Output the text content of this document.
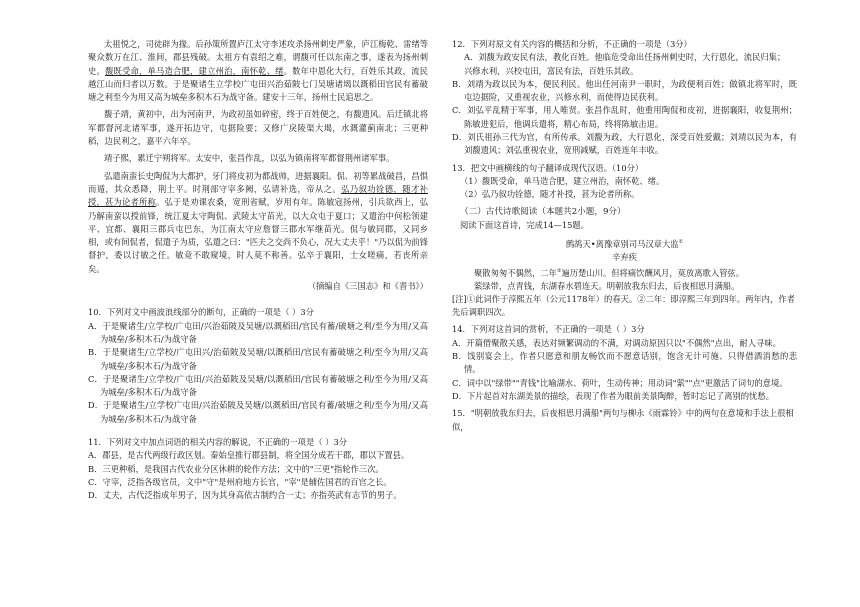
太祖悦之，司徒辟为掾。后孙策所置庐江太守李述攻杀扬州刺史严象，庐江梅乾、雷绪等聚众数万在江、淮间，郡县残破。太祖方有袁绍之难，谓馥可任以东南之事，遂表为扬州刺史。馥既受命，单马造合肥，建立州治，南怀乾、绪。数年中恩化大行，百姓乐其政，流民越江山而归者以万数。于是聚诸生立学校广屯田兴治茹陂七门吴塘诸堨以溉稻田官民有蓄破塘之利至今为用又高为城垒多积木石为战守备。建安十三年，扬州士民追思之。

馥子靖，黄初中，出为河南尹，为政初虽如碎密，终于百姓便之，有馥遗风。后迁镇北将军都督河北诸军事，遂开拓边守，屯据险要；又修广戾陵渠大堨，水溉灌蓟南北；三更种稻，边民利之，嘉平六年卒。

靖子熙，累迁宁朔将军。太安中，张昌作乱，以弘为镇南将军都督荆州诸军事。

弘遣南蛮长史陶侃为大都护，牙门将皮初为都战帅，进据襄阳。侃、初等累战破昌，昌惧而遁，其众悉降，荆土平。时荆部守宰多阙，弘请补选，帝从之。弘乃叙功铨德，随才补授，甚为论者所称。弘于是劝课农桑，宽刑省赋，岁用有年。陈敏寇扬州，引兵欲西上，弘乃解南蛮以授前锋，统江夏太守陶侃、武陵太守苗光，以大众屯于夏口；又遣治中何松领建平、宜都、襄阳三郡兵屯巴东，为江南太守应詹督三郡水军继苗光。侃与敏同郡，又同乡相，或有间侃者，侃遣子为质，弘遣之曰："匹夫之交尚不负心，况大丈夫乎！"乃以侃为前锋督护，委以讨敏之任。敏竟不敢窥境，时人莫不称善。弘卒于襄阳，士女嗟痛，若丧所亲矣。

（摘编自《三国志》和《晋书》）

10．下列对文中画波浪线部分的断句，正确的一项是（ ）3分

A．于是聚诸生/立学校/广屯田/兴治茹陂及吴塘/以溉稻田/官民有蓄/破塘之利/至今为用/又高为城垒/多积木石/为战守备

B．于是聚诸生/立学校/广屯田兴/治茹陂及吴塘/以溉稻田/官民有蓄破塘之利/至今为用/又高为城垒/多积木石/为战守备

C．于是聚诸生/立学校/广屯田/兴治茹陂及吴塘/以溉稻田/官民有蓄破塘之利/至今为用/又高为城垒/多积木石/为战守备

D．于是聚诸生/立学校广屯田/兴治茹陂及吴塘/以溉稻田/官民有蓄/破塘之利/至今为用/又高为城垒/多积木石/为战守备

11．下列对文中加点词语的相关内容的解说，不正确的一项是（ ）3分

A．郡县，是古代两级行政区划。秦始皇推行郡县制，将全国分成若干郡，郡以下置县。

B．三更种稻，是我国古代农业分区休耕的轮作方法；文中的"三更"指轮作三次。

C．守宰，泛指各级官员，文中"守"是州府地方长官，"宰"是辅佐国君的百官之长。

D．丈夫，古代泛指成年男子，因为其身高依古制约合一丈；亦指英武有志节的男子。

12．下列对原文有关内容的概括和分析，不正确的一项是（3分）

A．刘馥为政安民有法，教化百姓。他临危受命出任扬州刺史时，大行恩化，流民归集；

兴修水利，兴校屯田，富民有法，百姓乐其政。

B．刘靖为政以民为本，便民利民。他出任河南尹一职时，为政便利百姓；做镇北将军时，既屯边据险，又重视农业，兴修水利，而使得边民获利。

C．刘弘平乱精于军事，用人唯贤。张昌作乱时，他重用陶侃和皮初，进据襄阳，收复荆州；陈敏进犯后，他调兵遣将，精心布局，终将陈敏击退。

D．刘氏祖孙三代为官，有所传承。刘馥为政，大行恩化，深受百姓爱戴；刘靖以民为本，有刘馥遗风；刘弘重视农业，宽刑减赋，百姓连年丰收。

13．把文中画横线的句子翻译成现代汉语。（10分）

（1）馥既受命，单马造合肥，建立州治，南怀乾、绪。

（2）弘乃叙功铨德，随才补授，甚为论者所称。

（二）古代诗歌阅读（本题共2小题，9分）

阅读下面这首诗，完成14—15题。

鹧鸪天•离豫章别司马汉章大监①

辛弃疾

聚散匆匆不偶然，二年②遍历楚山川。但将痛饮酬风月，莫放离歌入管弦。

萦绿带，点青钱，东湖春水碧连天。明朝放我东归去，后夜相思月满船。

[注]①此词作于淳熙五年（公元1178年）的春天。②二年：即淳熙三年到四年。两年内，作者先后调职四次。

14．下列对这首词的赏析，不正确的一项是（ ）3分

A．开篇借聚散关感，表达对频繁调动的不满，对调动原因只以"不偶然"点出，耐人寻味。

B．饯别宴会上，作者只愿意和朋友畅饮而不愿意话别，饱含无计可施、只得借酒消愁的悲情。

C．词中以"绿带""青钱"比喻湖水、荷叶，生动传神；用动词"萦""点"更激活了词句的意境。

D．下片起首对东湖美景的描绘，表现了作者为眼前美景陶醉，暂时忘记了离别的忧愁。

15．"明朝放我东归去，后夜相思月满船"两句与柳永《雨霖铃》中的两句在意境和手法上很相似，
